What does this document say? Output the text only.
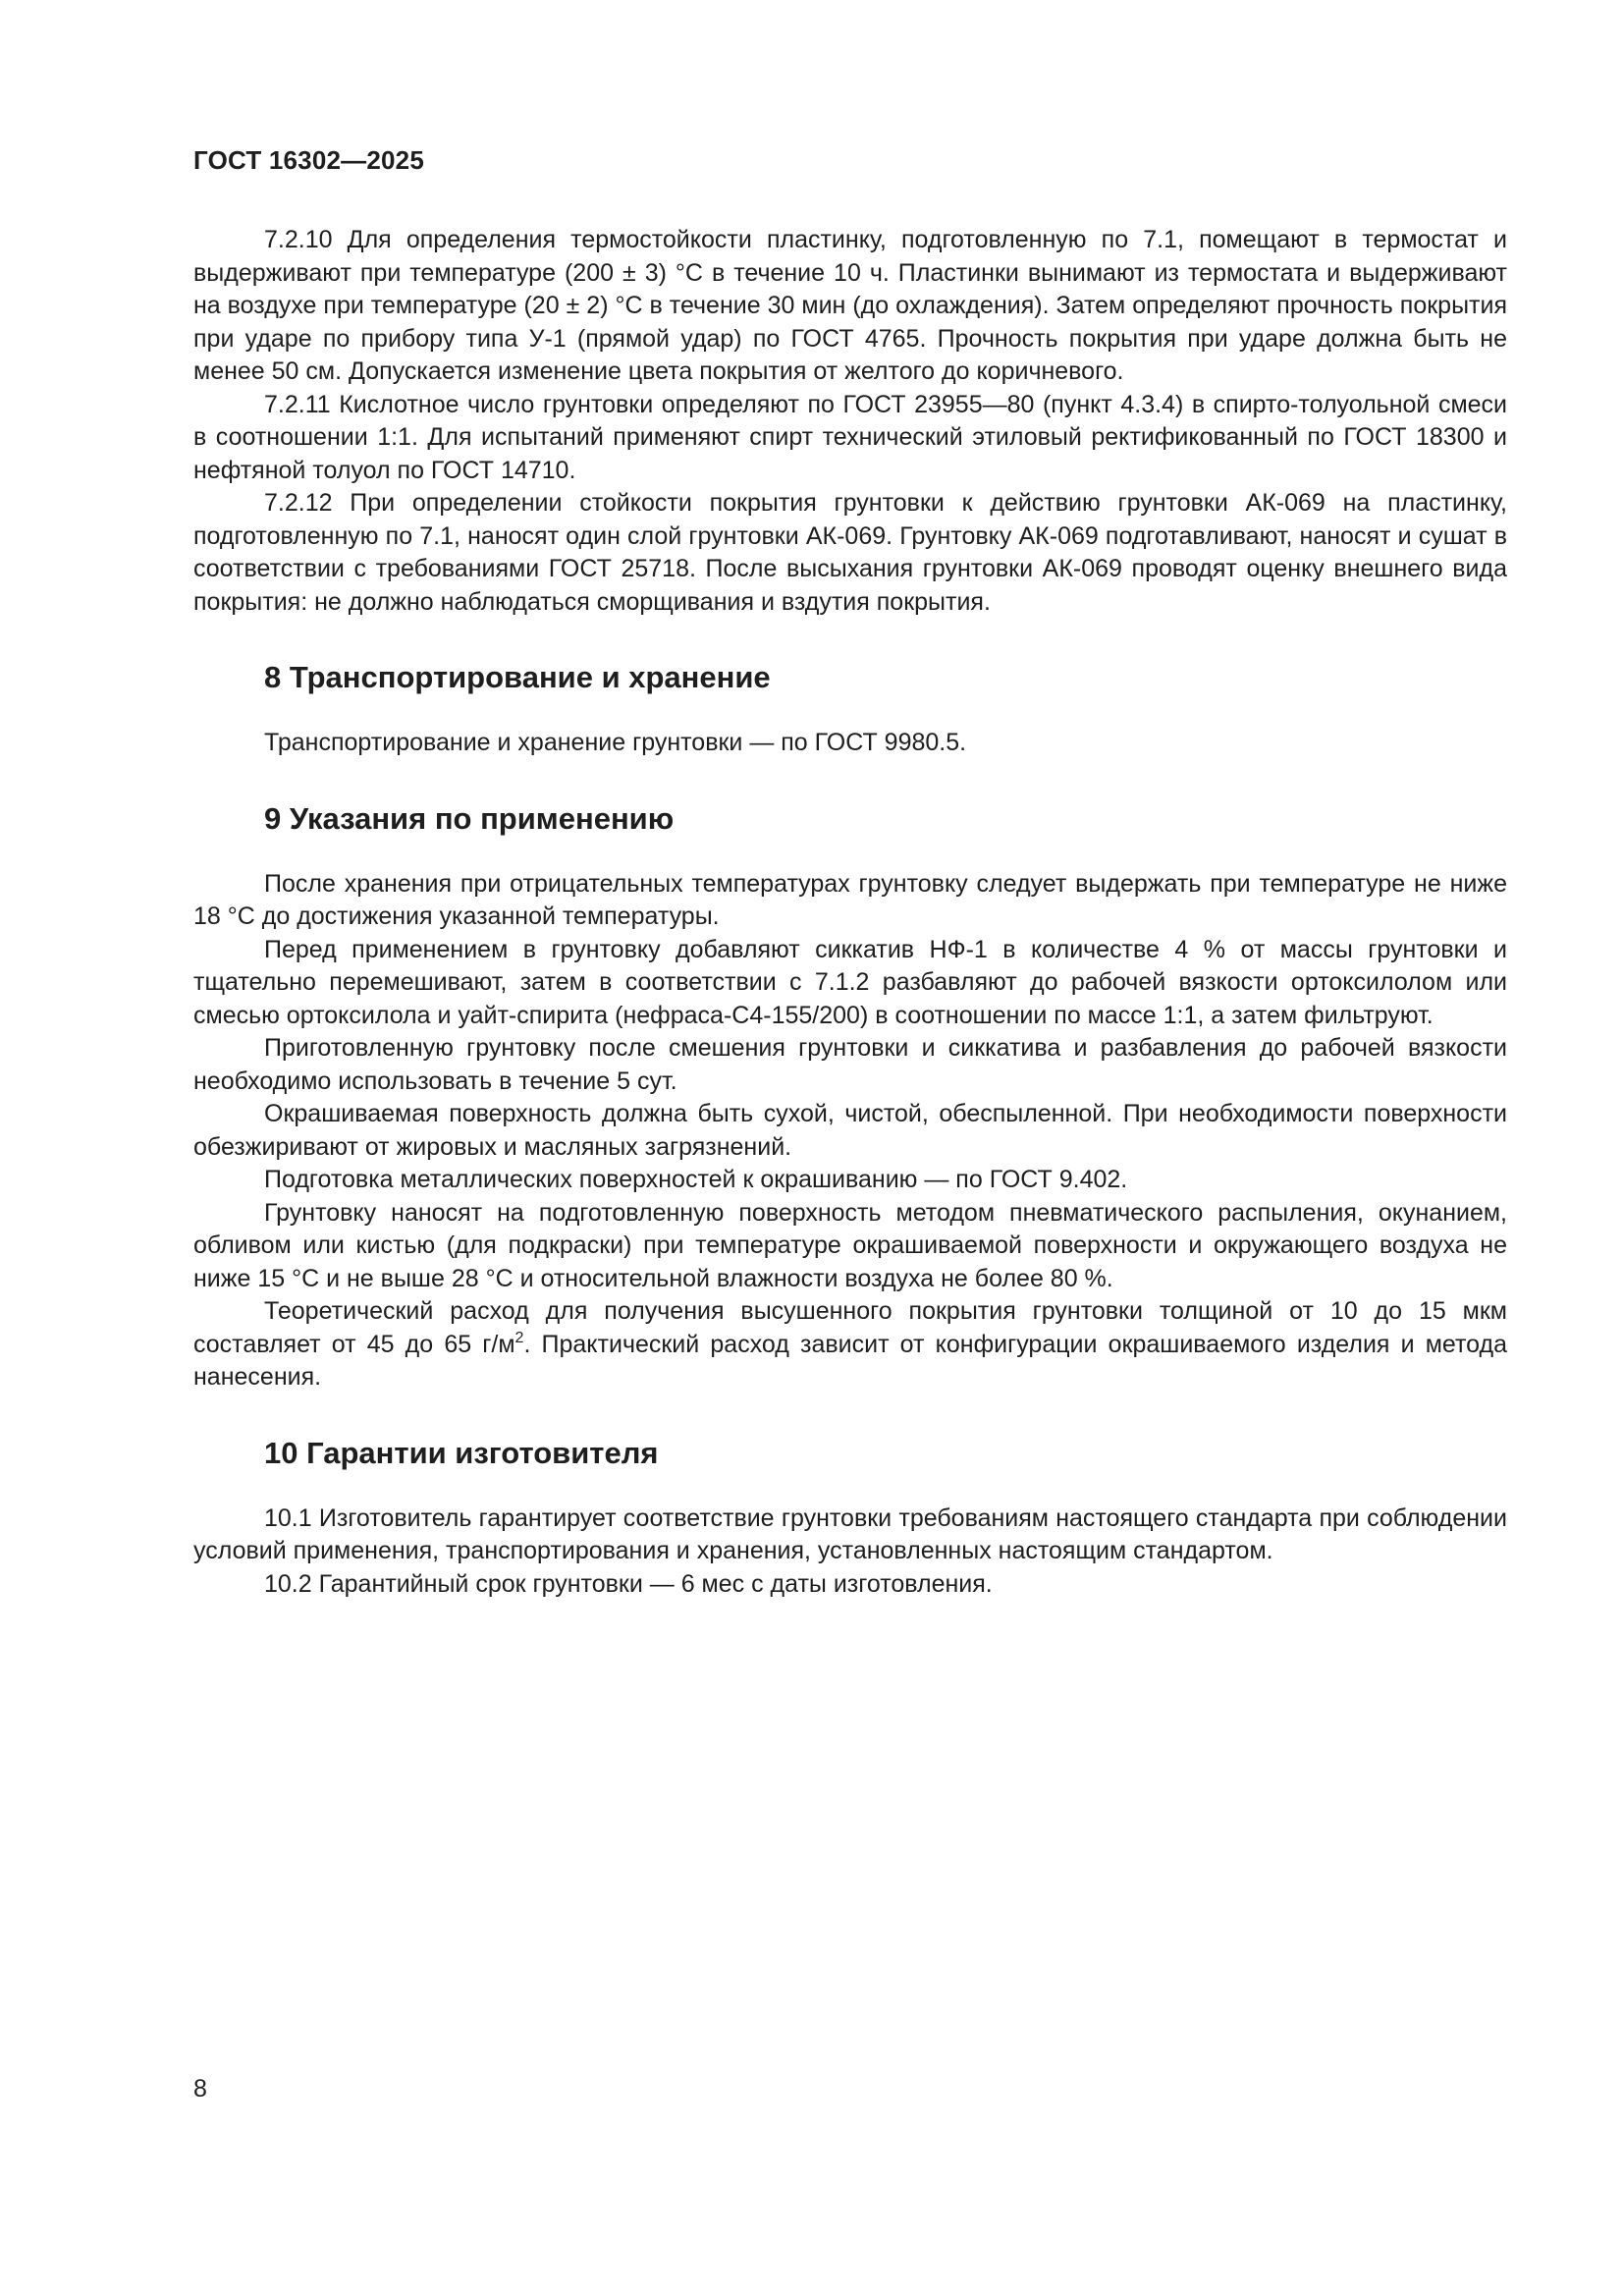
ГОСТ 16302—2025

7.2.10 Для определения термостойкости пластинку, подготовленную по 7.1, помещают в термостат и выдерживают при температуре (200 ± 3) °С в течение 10 ч. Пластинки вынимают из термостата и выдерживают на воздухе при температуре (20 ± 2) °С в течение 30 мин (до охлаждения). Затем определяют прочность покрытия при ударе по прибору типа У-1 (прямой удар) по ГОСТ 4765. Прочность покрытия при ударе должна быть не менее 50 см. Допускается изменение цвета покрытия от желтого до коричневого.

7.2.11 Кислотное число грунтовки определяют по ГОСТ 23955—80 (пункт 4.3.4) в спирто-толуольной смеси в соотношении 1:1. Для испытаний применяют спирт технический этиловый ректификованный по ГОСТ 18300 и нефтяной толуол по ГОСТ 14710.

7.2.12 При определении стойкости покрытия грунтовки к действию грунтовки АК-069 на пластинку, подготовленную по 7.1, наносят один слой грунтовки АК-069. Грунтовку АК-069 подготавливают, наносят и сушат в соответствии с требованиями ГОСТ 25718. После высыхания грунтовки АК-069 проводят оценку внешнего вида покрытия: не должно наблюдаться сморщивания и вздутия покрытия.

8 Транспортирование и хранение

Транспортирование и хранение грунтовки — по ГОСТ 9980.5.

9 Указания по применению

После хранения при отрицательных температурах грунтовку следует выдержать при температуре не ниже 18 °С до достижения указанной температуры.

Перед применением в грунтовку добавляют сиккатив НФ-1 в количестве 4 % от массы грунтовки и тщательно перемешивают, затем в соответствии с 7.1.2 разбавляют до рабочей вязкости ортоксилолом или смесью ортоксилола и уайт-спирита (нефраса-С4-155/200) в соотношении по массе 1:1, а затем фильтруют.

Приготовленную грунтовку после смешения грунтовки и сиккатива и разбавления до рабочей вязкости необходимо использовать в течение 5 сут.

Окрашиваемая поверхность должна быть сухой, чистой, обеспыленной. При необходимости поверхности обезжиривают от жировых и масляных загрязнений.

Подготовка металлических поверхностей к окрашиванию — по ГОСТ 9.402.

Грунтовку наносят на подготовленную поверхность методом пневматического распыления, окунанием, обливом или кистью (для подкраски) при температуре окрашиваемой поверхности и окружающего воздуха не ниже 15 °С и не выше 28 °С и относительной влажности воздуха не более 80 %.

Теоретический расход для получения высушенного покрытия грунтовки толщиной от 10 до 15 мкм составляет от 45 до 65 $г/м^2$. Практический расход зависит от конфигурации окрашиваемого изделия и метода нанесения.

10 Гарантии изготовителя

10.1 Изготовитель гарантирует соответствие грунтовки требованиям настоящего стандарта при соблюдении условий применения, транспортирования и хранения, установленных настоящим стандартом.

10.2 Гарантийный срок грунтовки — 6 мес с даты изготовления.

8
